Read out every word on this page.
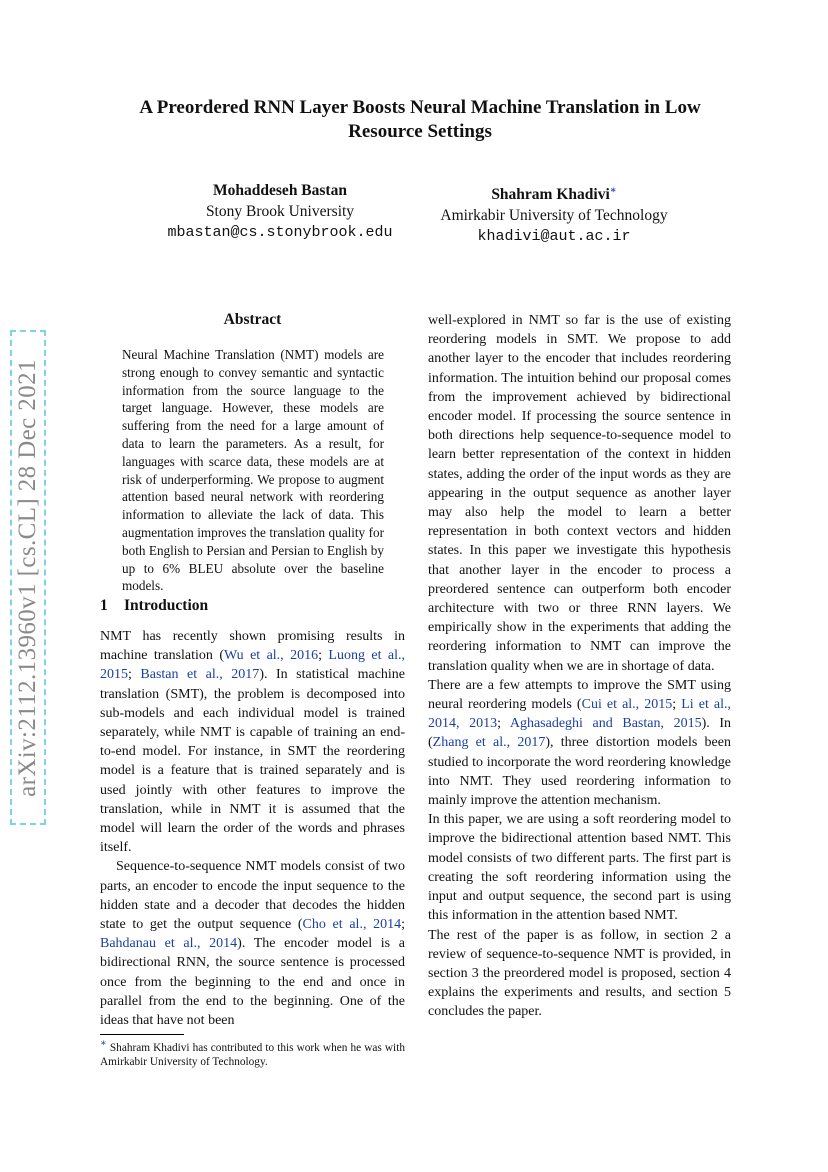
arXiv:2112.13960v1 [cs.CL] 28 Dec 2021
A Preordered RNN Layer Boosts Neural Machine Translation in Low
Resource Settings
Mohaddeseh Bastan
Stony Brook University
mbastan@cs.stonybrook.edu
Shahram Khadivi∗
Amirkabir University of Technology
khadivi@aut.ac.ir
Abstract

Neural Machine Translation (NMT) models are strong enough to convey semantic and syntactic information from the source language to the target language. However, these models are suffering from the need for a large amount of data to learn the parameters. As a result, for languages with scarce data, these models are at risk of underperforming. We propose to augment attention based neural network with reordering information to alleviate the lack of data. This augmentation improves the translation quality for both English to Persian and Persian to English by up to 6% BLEU absolute over the baseline models.

1 Introduction

NMT has recently shown promising results in machine translation (Wu et al., 2016; Luong et al., 2015; Bastan et al., 2017). In statistical machine translation (SMT), the problem is decomposed into sub-models and each individual model is trained separately, while NMT is capable of training an end-to-end model. For instance, in SMT the reordering model is a feature that is trained separately and is used jointly with other features to improve the translation, while in NMT it is assumed that the model will learn the order of the words and phrases itself.

Sequence-to-sequence NMT models consist of two parts, an encoder to encode the input sequence to the hidden state and a decoder that decodes the hidden state to get the output sequence (Cho et al., 2014; Bahdanau et al., 2014). The encoder model is a bidirectional RNN, the source sentence is processed once from the beginning to the end and once in parallel from the end to the beginning. One of the ideas that have not been

∗ Shahram Khadivi has contributed to this work when he was with Amirkabir University of Technology.

well-explored in NMT so far is the use of existing reordering models in SMT. We propose to add another layer to the encoder that includes reordering information. The intuition behind our proposal comes from the improvement achieved by bidirectional encoder model. If processing the source sentence in both directions help sequence-to-sequence model to learn better representation of the context in hidden states, adding the order of the input words as they are appearing in the output sequence as another layer may also help the model to learn a better representation in both context vectors and hidden states. In this paper we investigate this hypothesis that another layer in the encoder to process a preordered sentence can outperform both encoder architecture with two or three RNN layers. We empirically show in the experiments that adding the reordering information to NMT can improve the translation quality when we are in shortage of data.

There are a few attempts to improve the SMT using neural reordering models (Cui et al., 2015; Li et al., 2014, 2013; Aghasadeghi and Bastan, 2015). In (Zhang et al., 2017), three distortion models been studied to incorporate the word reordering knowledge into NMT. They used reordering information to mainly improve the attention mechanism.

In this paper, we are using a soft reordering model to improve the bidirectional attention based NMT. This model consists of two different parts. The first part is creating the soft reordering information using the input and output sequence, the second part is using this information in the attention based NMT.

The rest of the paper is as follow, in section 2 a review of sequence-to-sequence NMT is provided, in section 3 the preordered model is proposed, section 4 explains the experiments and results, and section 5 concludes the paper.
